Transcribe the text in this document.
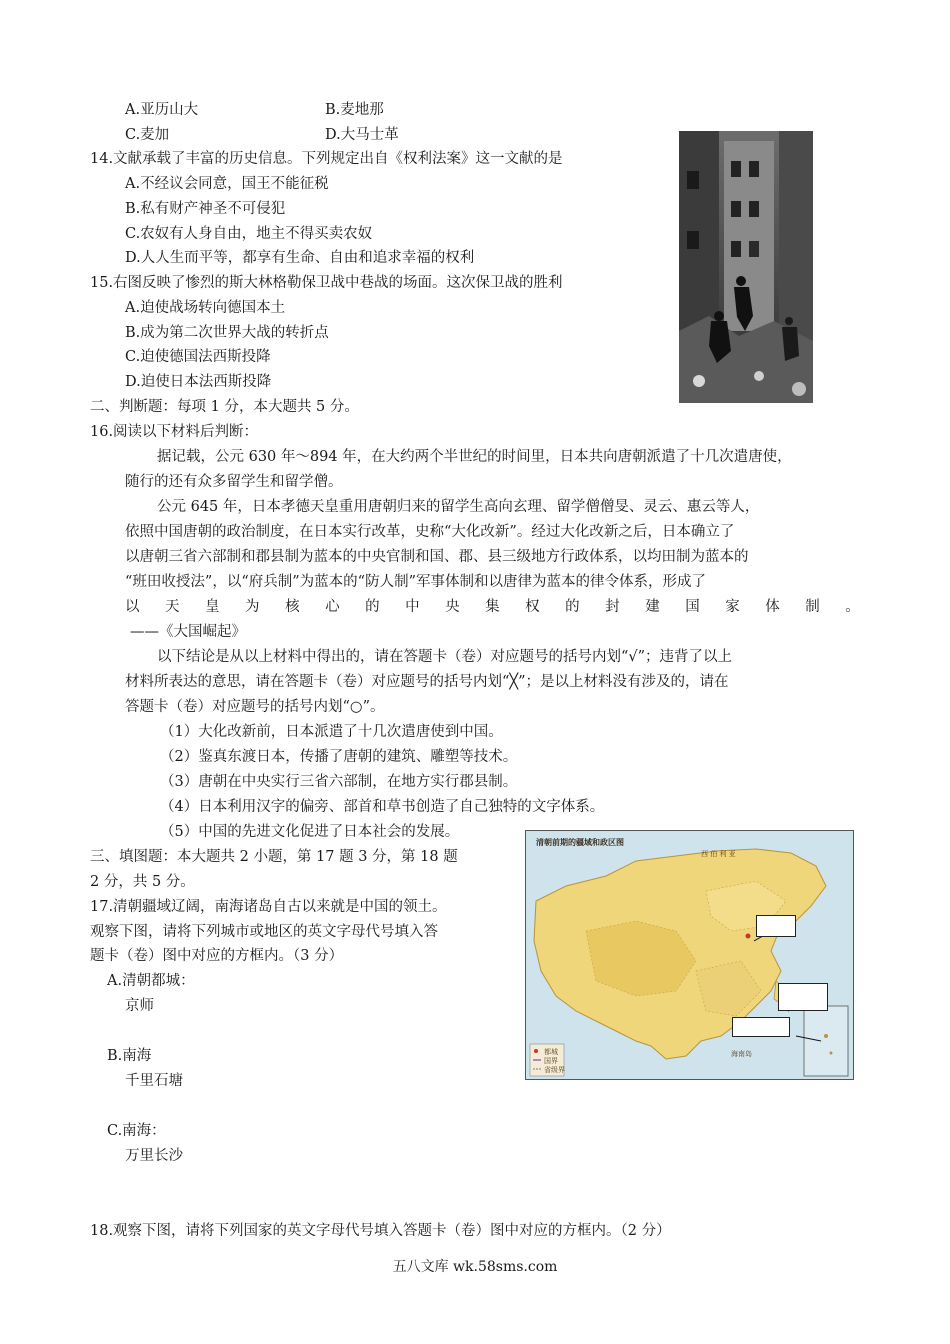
A.亚历山大	B.麦地那
C.麦加	D.大马士革
14.文献承载了丰富的历史信息。下列规定出自《权利法案》这一文献的是
A.不经议会同意，国王不能征税
B.私有财产神圣不可侵犯
C.农奴有人身自由，地主不得买卖农奴
D.人人生而平等，都享有生命、自由和追求幸福的权利
15.右图反映了惨烈的斯大林格勒保卫战中巷战的场面。这次保卫战的胜利
A.迫使战场转向德国本土
B.成为第二次世界大战的转折点
C.迫使德国法西斯投降
D.迫使日本法西斯投降
二、判断题：每项 1 分，本大题共 5 分。
16.阅读以下材料后判断：
据记载，公元 630 年～894 年，在大约两个半世纪的时间里，日本共向唐朝派遣了十几次遣唐使，
随行的还有众多留学生和留学僧。
公元 645 年，日本孝德天皇重用唐朝归来的留学生高向玄理、留学僧僧旻、灵云、惠云等人，
依照中国唐朝的政治制度，在日本实行改革，史称“大化改新”。经过大化改新之后，日本确立了
以唐朝三省六部制和郡县制为蓝本的中央官制和国、郡、县三级地方行政体系，以均田制为蓝本的
“班田收授法”，以“府兵制”为蓝本的“防人制”军事体制和以唐律为蓝本的律令体系，形成了
以 天 皇 为 核 心 的 中 央 集 权 的 封 建 国 家 体 制 。
——《大国崛起》
以下结论是从以上材料中得出的，请在答题卡（卷）对应题号的括号内划“√”；违背了以上
材料所表达的意思，请在答题卡（卷）对应题号的括号内划“╳”；是以上材料没有涉及的，请在
答题卡（卷）对应题号的括号内划“○”。
（1）大化改新前，日本派遣了十几次遣唐使到中国。
（2）鉴真东渡日本，传播了唐朝的建筑、雕塑等技术。
（3）唐朝在中央实行三省六部制，在地方实行郡县制。
（4）日本利用汉字的偏旁、部首和草书创造了自己独特的文字体系。
（5）中国的先进文化促进了日本社会的发展。
三、填图题：本大题共 2 小题，第 17 题 3 分，第 18 题
2 分，共 5 分。
17.清朝疆域辽阔，南海诸岛自古以来就是中国的领土。
观察下图，请将下列城市或地区的英文字母代号填入答
题卡（卷）图中对应的方框内。（3 分）
A.清朝都城：
京师
B.南海
千里石塘
C.南海：
万里长沙
清朝前期的疆域和政区图
西 伯 利 亚
海南岛
都城
国界
省级界
18.观察下图，请将下列国家的英文字母代号填入答题卡（卷）图中对应的方框内。（2 分）
五八文库 wk.58sms.com
